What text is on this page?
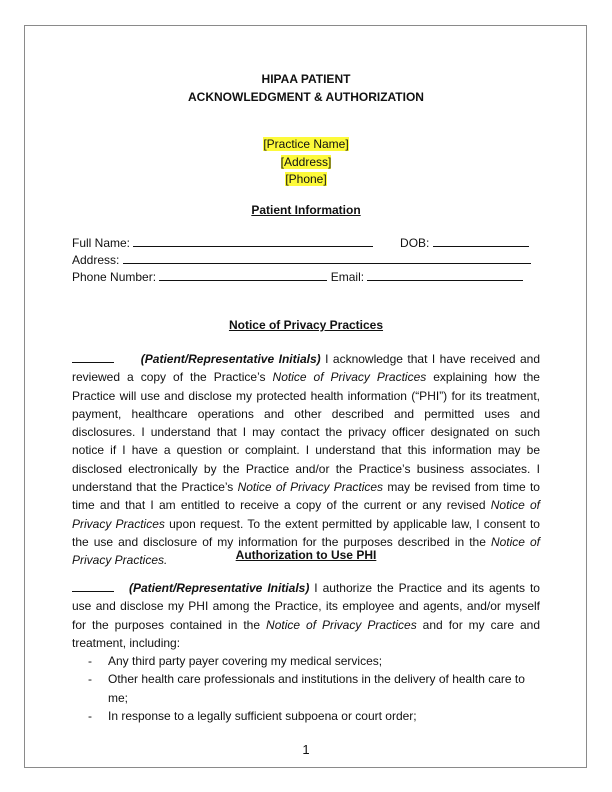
HIPAA PATIENT
ACKNOWLEDGMENT & AUTHORIZATION
[Practice Name]
[Address]
[Phone]
Patient Information
Full Name:	DOB:
Address:
Phone Number:	Email:
Notice of Privacy Practices
(Patient/Representative Initials) I acknowledge that I have received and reviewed a copy of the Practice’s Notice of Privacy Practices explaining how the Practice will use and disclose my protected health information (“PHI”) for its treatment, payment, healthcare operations and other described and permitted uses and disclosures. I understand that I may contact the privacy officer designated on such notice if I have a question or complaint. I understand that this information may be disclosed electronically by the Practice and/or the Practice’s business associates. I understand that the Practice’s Notice of Privacy Practices may be revised from time to time and that I am entitled to receive a copy of the current or any revised Notice of Privacy Practices upon request. To the extent permitted by applicable law, I consent to the use and disclosure of my information for the purposes described in the Notice of Privacy Practices.	Authorization to Use PHI
(Patient/Representative Initials) I authorize the Practice and its agents to use and disclose my PHI among the Practice, its employee and agents, and/or myself for the purposes contained in the Notice of Privacy Practices and for my care and treatment, including:
-	Any third party payer covering my medical services;
-	Other health care professionals and institutions in the delivery of health care to me;
-	In response to a legally sufficient subpoena or court order;
1
